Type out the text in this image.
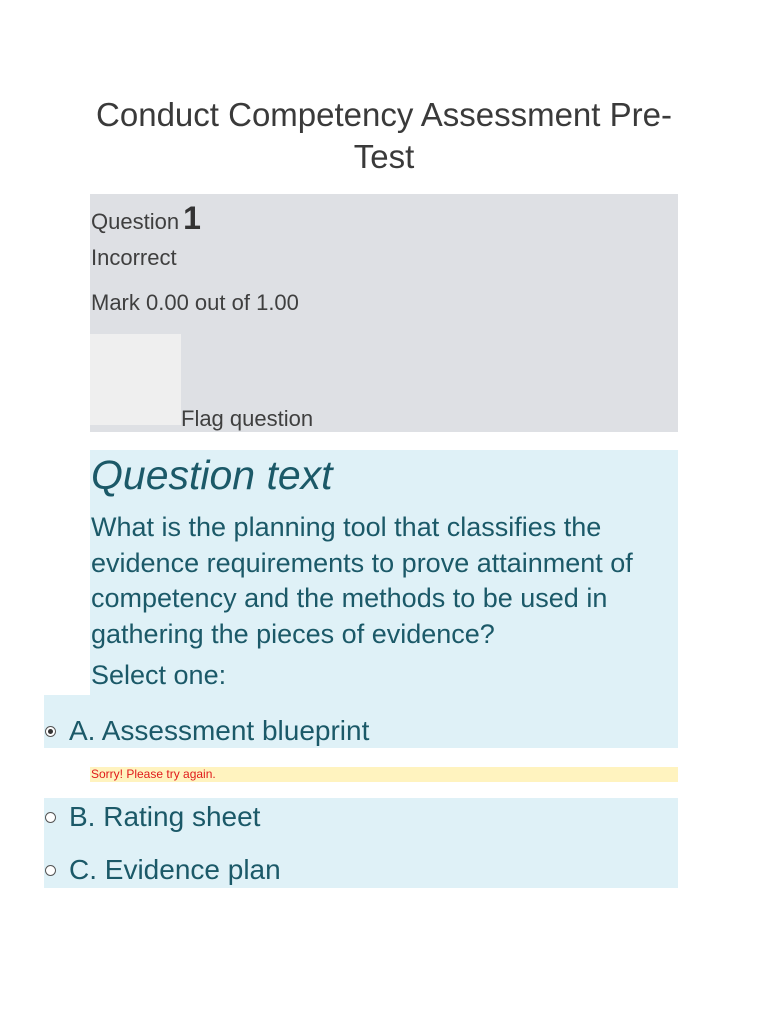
Conduct Competency Assessment Pre-Test
Question 1
Incorrect
Mark 0.00 out of 1.00
Flag question
Question text

What is the planning tool that classifies the evidence requirements to prove attainment of competency and the methods to be used in gathering the pieces of evidence?

Select one:
A. Assessment blueprint
Sorry! Please try again.
B. Rating sheet
C. Evidence plan
